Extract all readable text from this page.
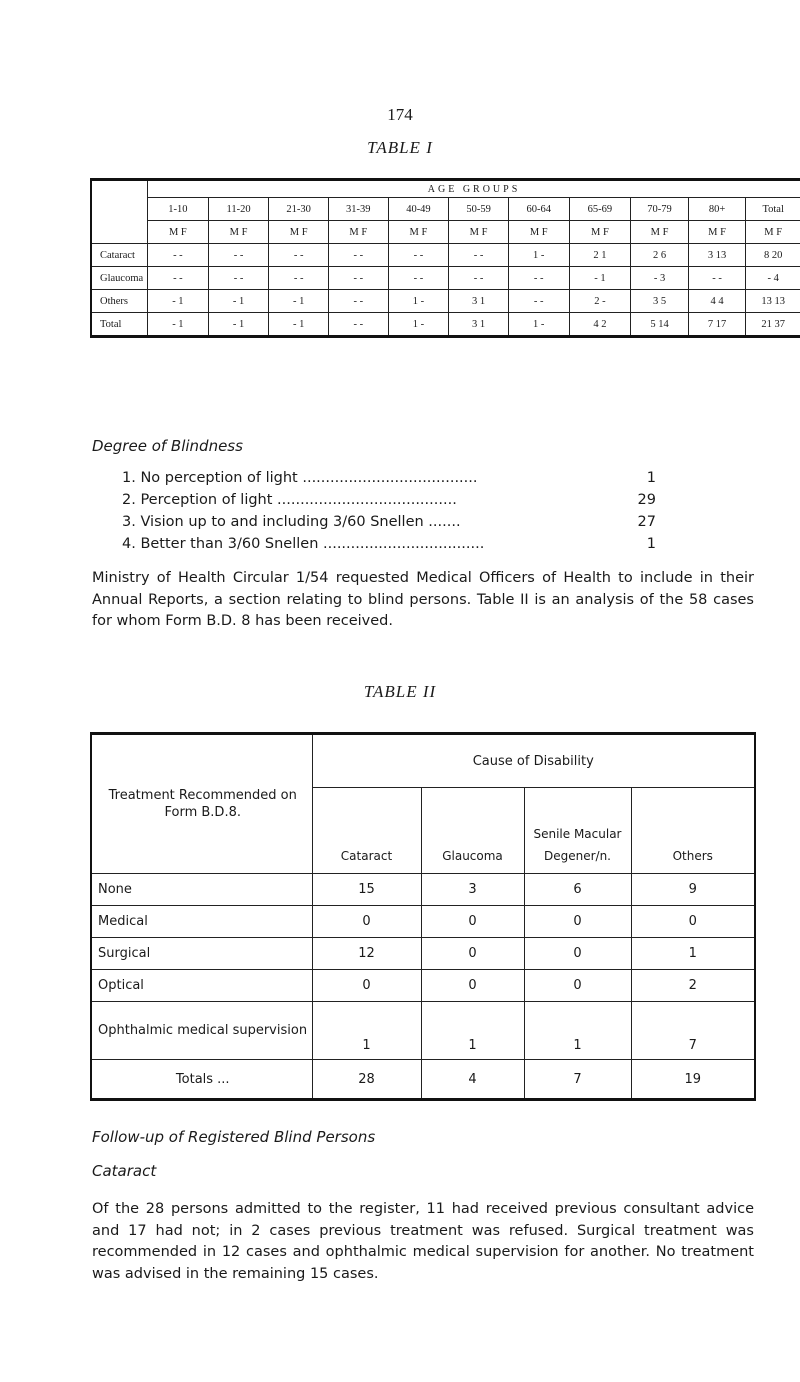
174
TABLE I
	AGE GROUPS										
	1-10	11-20	21-30	31-39	40-49	50-59	60-64	65-69	70-79	80+	Total
	M F	M F	M F	M F	M F	M F	M F	M F	M F	M F	M F
Cataract	- -	- -	- -	- -	- -	- -	1 -	2 1	2 6	3 13	8 20
Glaucoma	- -	- -	- -	- -	- -	- -	- -	- 1	- 3	- -	- 4
Others	- 1	- 1	- 1	- -	1 -	3 1	- -	2 -	3 5	4 4	13 13
Total	- 1	- 1	- 1	- -	1 -	3 1	1 -	4 2	5 14	7 17	21 37
Degree of Blindness
1. No perception of light ......................................	1
2. Perception of light .......................................	29
3. Vision up to and including 3/60 Snellen .......	27
4. Better than 3/60 Snellen ...................................	1
Ministry of Health Circular 1/54 requested Medical Officers of Health to include in their Annual Reports, a section relating to blind persons. Table II is an analysis of the 58 cases for whom Form B.D. 8 has been received.
TABLE II
Treatment Recommended on Form B.D.8.	Cause of Disability			
	Cataract	Glaucoma	Senile Macular Degener/n.	Others
None	15	3	6	9
Medical	0	0	0	0
Surgical	12	0	0	1
Optical	0	0	0	2
Ophthalmic medical supervision	1	1	1	7
Totals ...	28	4	7	19
Follow-up of Registered Blind Persons
Cataract
Of the 28 persons admitted to the register, 11 had received previous consultant advice and 17 had not; in 2 cases previous treatment was refused. Surgical treatment was recommended in 12 cases and ophthalmic medical supervision for another. No treatment was advised in the remaining 15 cases.
